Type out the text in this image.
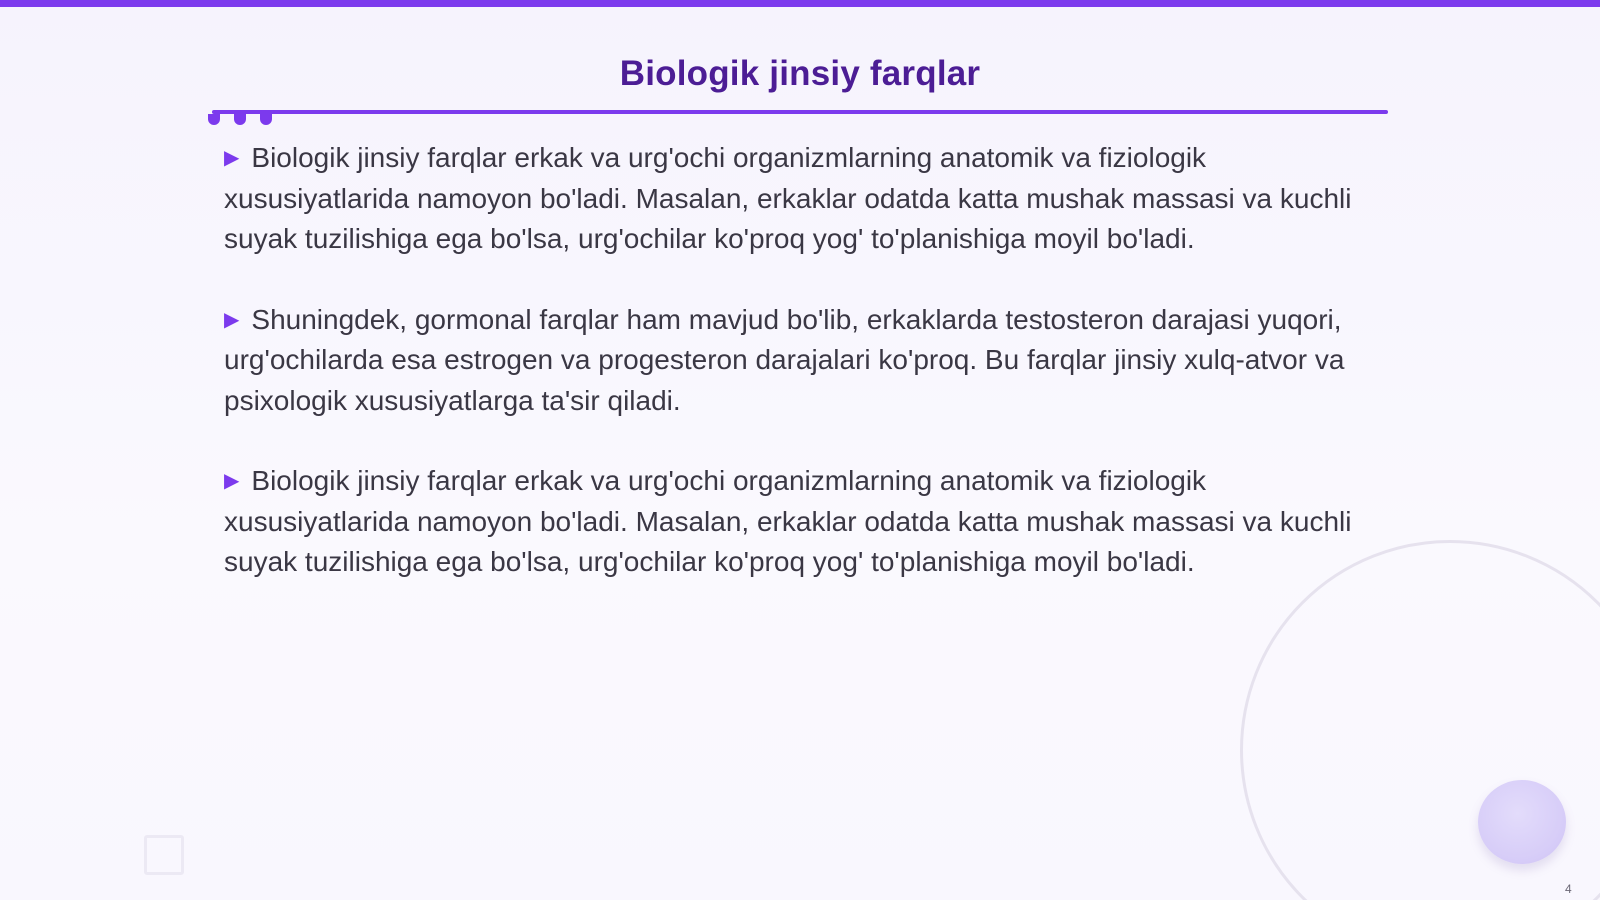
Biologik jinsiy farqlar

▶ Biologik jinsiy farqlar erkak va urg'ochi organizmlarning anatomik va fiziologik xususiyatlarida namoyon bo'ladi. Masalan, erkaklar odatda katta mushak massasi va kuchli suyak tuzilishiga ega bo'lsa, urg'ochilar ko'proq yog' to'planishiga moyil bo'ladi.

▶ Shuningdek, gormonal farqlar ham mavjud bo'lib, erkaklarda testosteron darajasi yuqori, urg'ochilarda esa estrogen va progesteron darajalari ko'proq. Bu farqlar jinsiy xulq-atvor va psixologik xususiyatlarga ta'sir qiladi.

▶ Biologik jinsiy farqlar erkak va urg'ochi organizmlarning anatomik va fiziologik xususiyatlarida namoyon bo'ladi. Masalan, erkaklar odatda katta mushak massasi va kuchli suyak tuzilishiga ega bo'lsa, urg'ochilar ko'proq yog' to'planishiga moyil bo'ladi.

4
